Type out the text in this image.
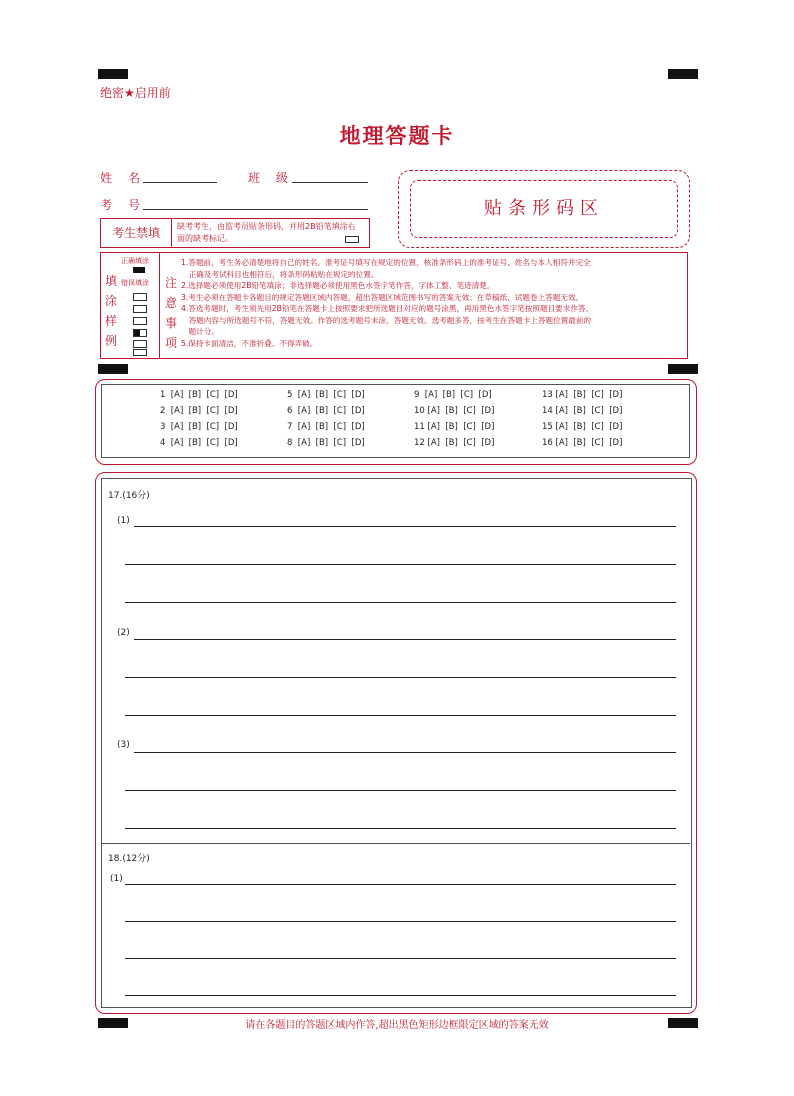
绝密★启用前
地理答题卡
姓　名	班　级
考　号	贴条形码区
考生禁填	缺考考生，由监考员贴条形码，并用2B铅笔填涂右面的缺考标记。
填
涂
样
例
正确填涂
错误填涂 注
意
事
项
1.答题前，考生务必清楚地将自己的姓名、准考证号填写在规定的位置，核准条形码上的准考证号、姓名与本人相符并完全
　正确及考试科目也相符后，将条形码粘贴在规定的位置。
2.选择题必须使用2B铅笔填涂；非选择题必须使用黑色水签字笔作答，字体工整、笔迹清楚。
3.考生必须在答题卡各题目的规定答题区域内答题，超出答题区域范围书写的答案无效；在草稿纸、试题卷上答题无效。
4.答选考题时，考生须先用2B铅笔在答题卡上按照要求把所选题目对应的题号涂黑，再用黑色水签字笔按照题目要求作答。
　答题内容与所选题号不符，答题无效。作答的选考题号未涂，答题无效。选考题多答，按考生在答题卡上答题位置最前的
　题计分。
5.保持卡面清洁，不准折叠、不得弄破。
1  [A]  [B]  [C]  [D]	5  [A]  [B]  [C]  [D]	9  [A]  [B]  [C]  [D]	13 [A]  [B]  [C]  [D]
2  [A]  [B]  [C]  [D]	6  [A]  [B]  [C]  [D]	10 [A]  [B]  [C]  [D]	14 [A]  [B]  [C]  [D]
3  [A]  [B]  [C]  [D]	7  [A]  [B]  [C]  [D]	11 [A]  [B]  [C]  [D]	15 [A]  [B]  [C]  [D]
4  [A]  [B]  [C]  [D]	8  [A]  [B]  [C]  [D]	12 [A]  [B]  [C]  [D]	16 [A]  [B]  [C]  [D]
17.(16分)
(1)
(2)
(3)
18.(12分)
(1)
请在各题目的答题区域内作答,超出黑色矩形边框限定区域的答案无效
